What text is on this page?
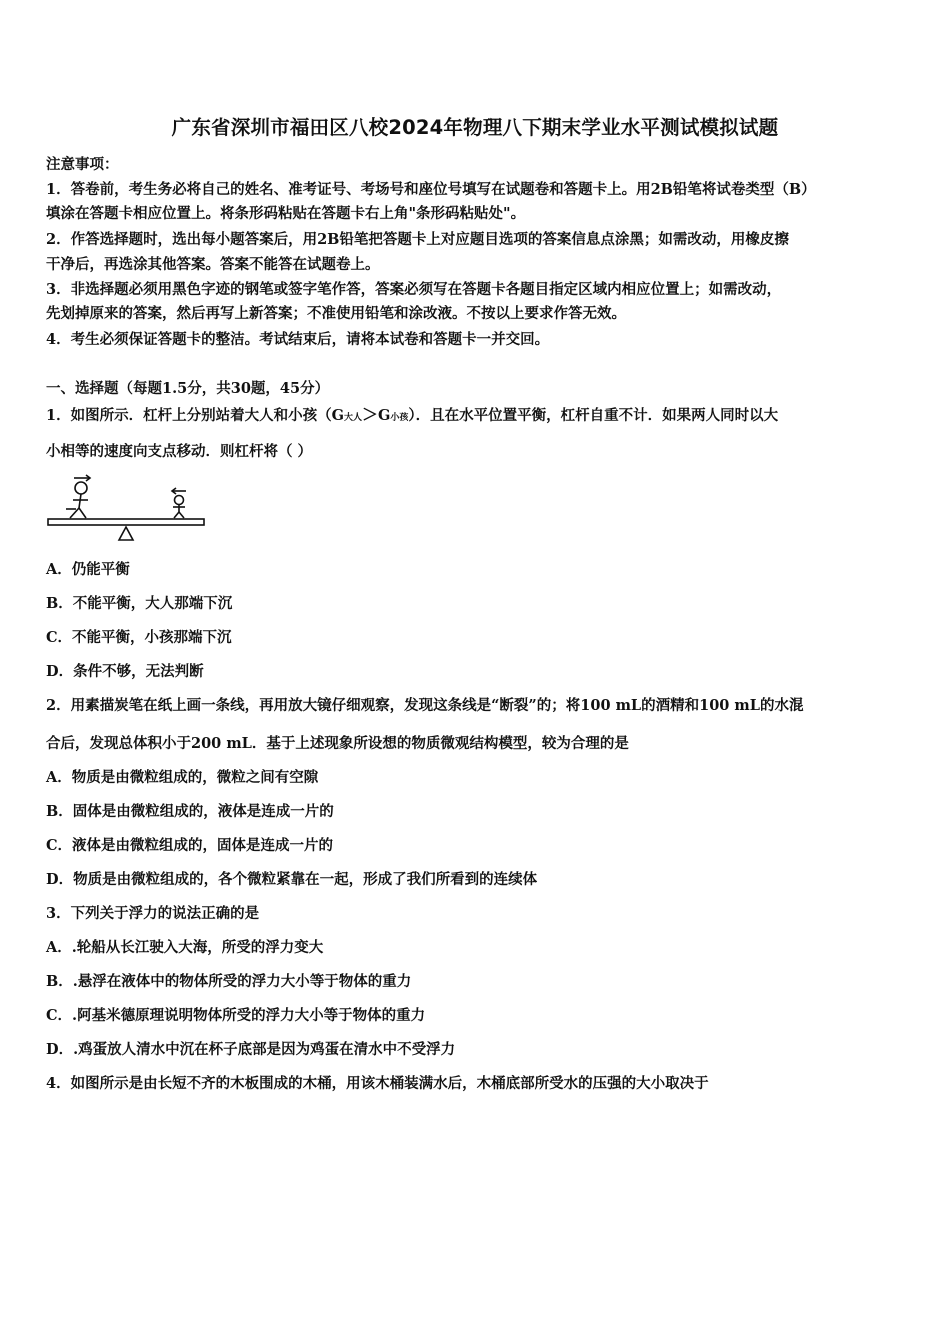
广东省深圳市福田区八校2024年物理八下期末学业水平测试模拟试题
注意事项：
1．答卷前，考生务必将自己的姓名、准考证号、考场号和座位号填写在试题卷和答题卡上。用2B铅笔将试卷类型（B）
填涂在答题卡相应位置上。将条形码粘贴在答题卡右上角"条形码粘贴处"。
2．作答选择题时，选出每小题答案后，用2B铅笔把答题卡上对应题目选项的答案信息点涂黑；如需改动，用橡皮擦
干净后，再选涂其他答案。答案不能答在试题卷上。
3．非选择题必须用黑色字迹的钢笔或签字笔作答，答案必须写在答题卡各题目指定区域内相应位置上；如需改动，
先划掉原来的答案，然后再写上新答案；不准使用铅笔和涂改液。不按以上要求作答无效。
4．考生必须保证答题卡的整洁。考试结束后，请将本试卷和答题卡一并交回。
一、选择题（每题1.5分，共30题，45分）
1．如图所示．杠杆上分别站着大人和小孩（G大人＞G小孩）．且在水平位置平衡，杠杆自重不计．如果两人同时以大
小相等的速度向支点移动．则杠杆将（ ）
A．仍能平衡
B．不能平衡，大人那端下沉
C．不能平衡，小孩那端下沉
D．条件不够，无法判断
2．用素描炭笔在纸上画一条线，再用放大镜仔细观察，发现这条线是“断裂”的；将100 mL的酒精和100 mL的水混
合后，发现总体积小于200 mL．基于上述现象所设想的物质微观结构模型，较为合理的是
A．物质是由微粒组成的，微粒之间有空隙
B．固体是由微粒组成的，液体是连成一片的
C．液体是由微粒组成的，固体是连成一片的
D．物质是由微粒组成的，各个微粒紧靠在一起，形成了我们所看到的连续体
3．下列关于浮力的说法正确的是
A．.轮船从长江驶入大海，所受的浮力变大
B．.悬浮在液体中的物体所受的浮力大小等于物体的重力
C．.阿基米德原理说明物体所受的浮力大小等于物体的重力
D．.鸡蛋放人清水中沉在杯子底部是因为鸡蛋在清水中不受浮力
4．如图所示是由长短不齐的木板围成的木桶，用该木桶装满水后，木桶底部所受水的压强的大小取决于
